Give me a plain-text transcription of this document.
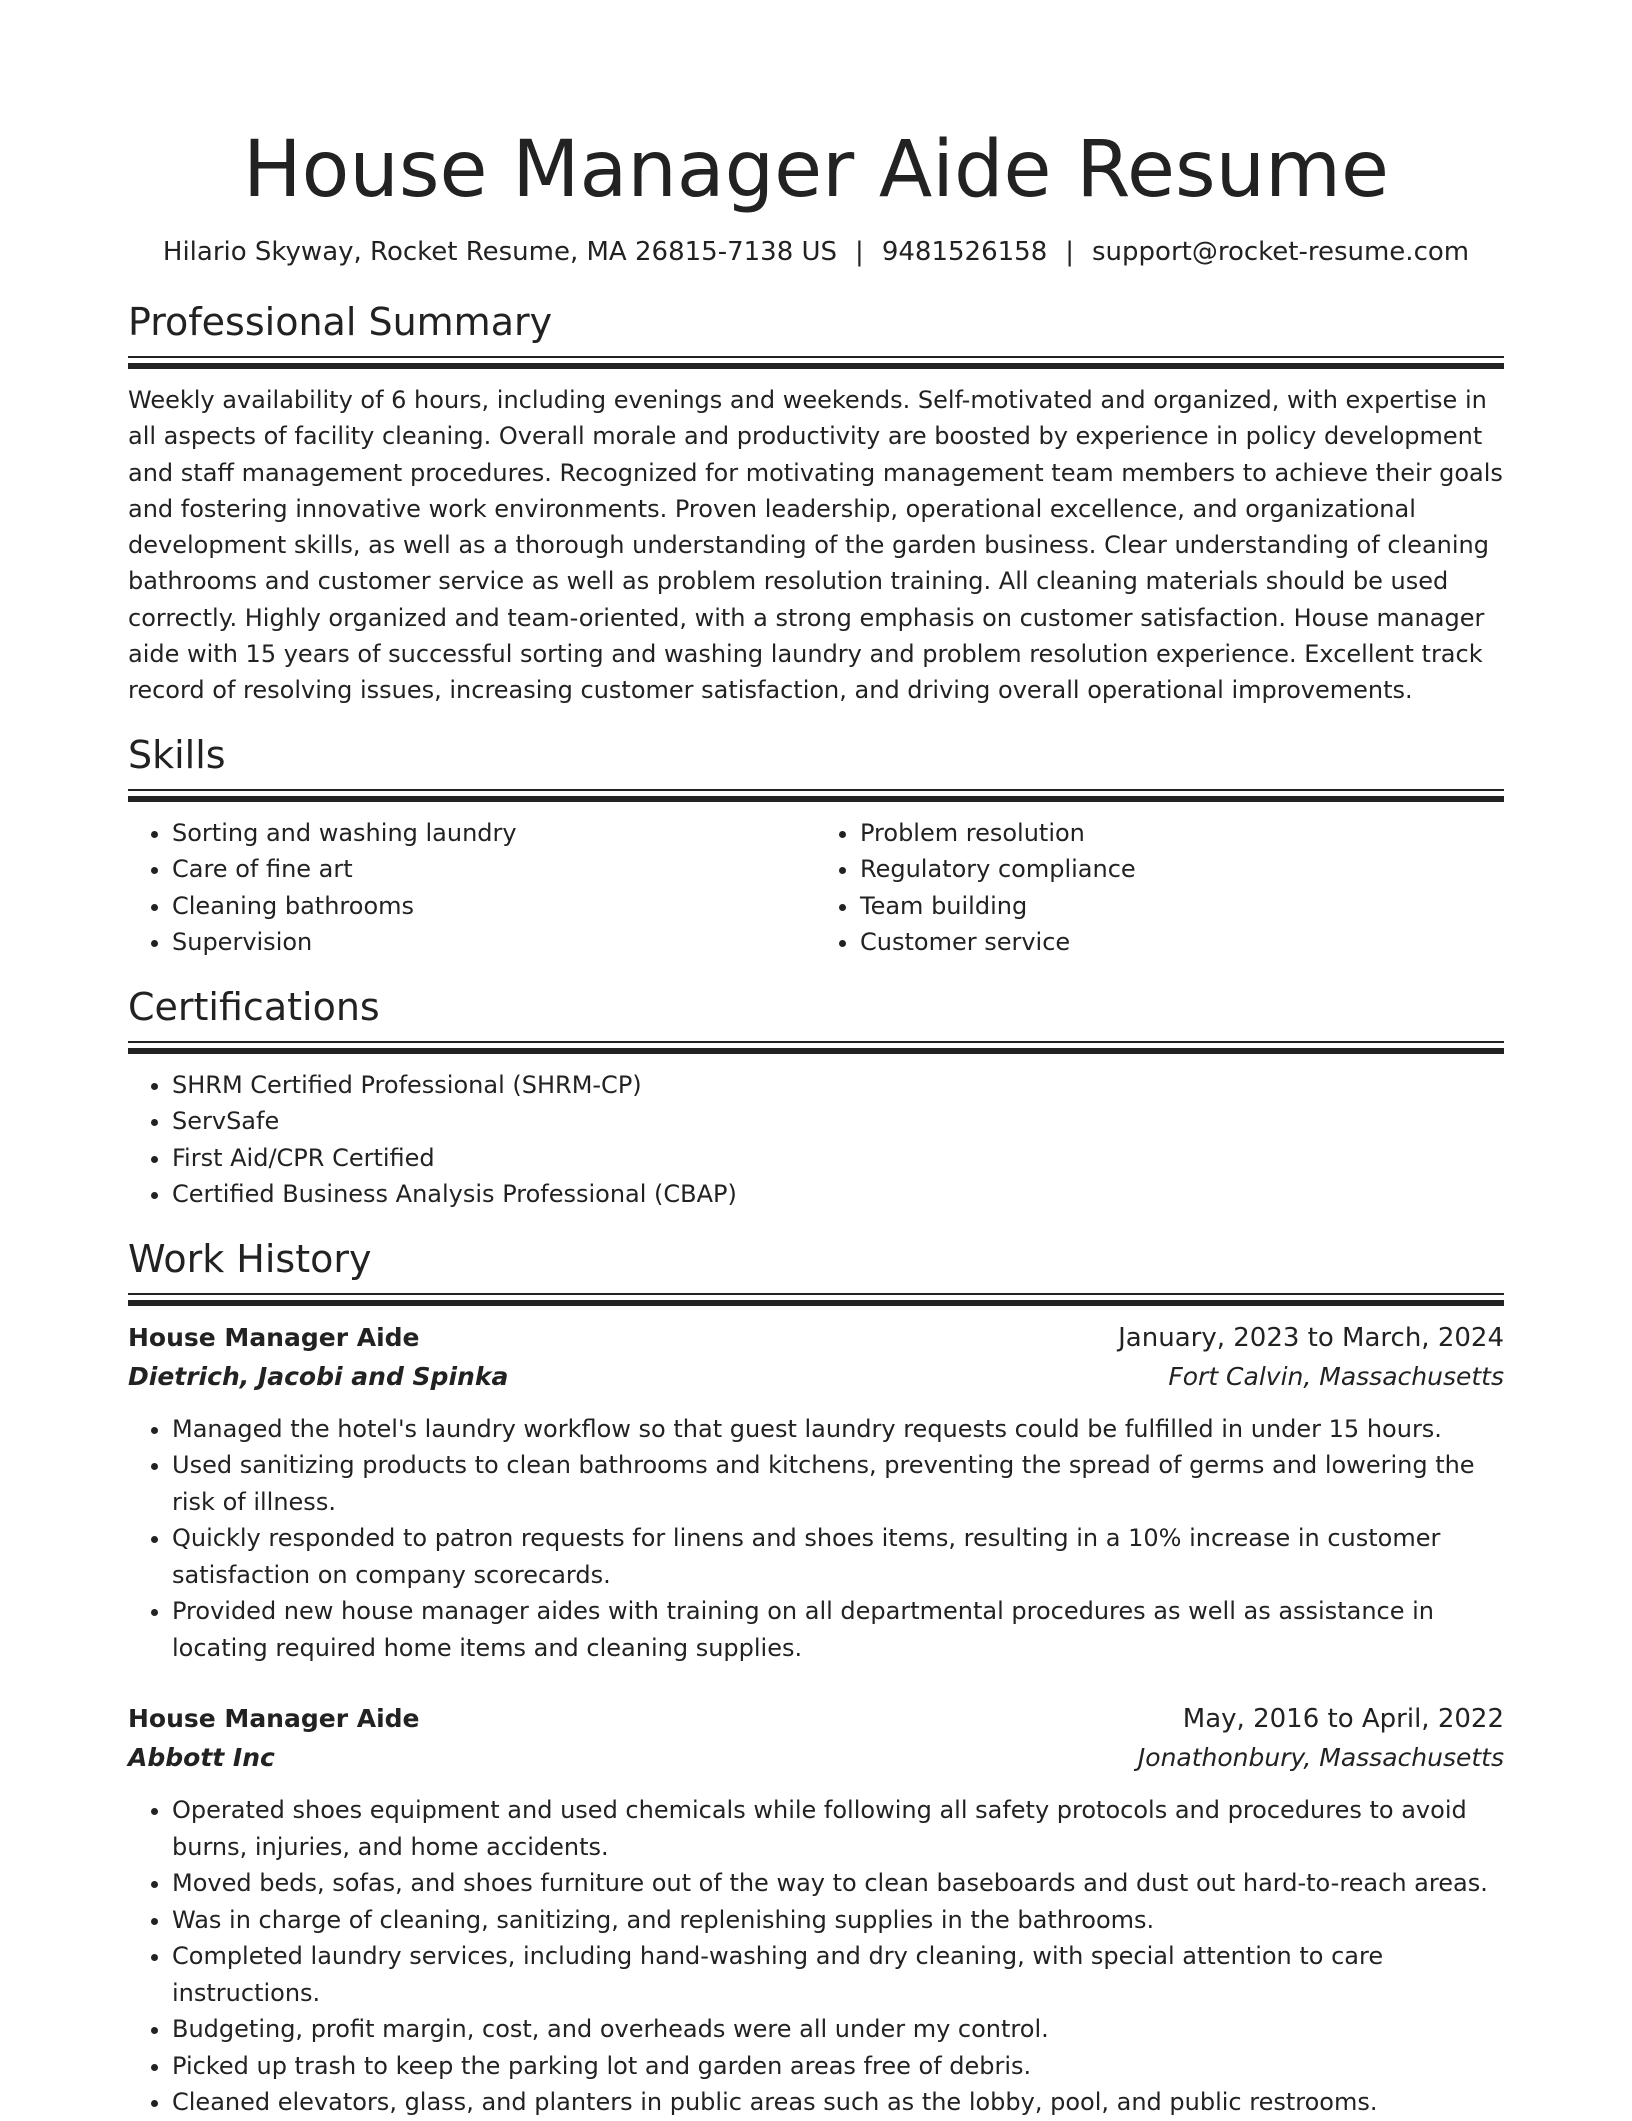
House Manager Aide Resume
Hilario Skyway, Rocket Resume, MA 26815-7138 US | 9481526158 | support@rocket-resume.com
Professional Summary
Weekly availability of 6 hours, including evenings and weekends. Self-motivated and organized, with expertise in all aspects of facility cleaning. Overall morale and productivity are boosted by experience in policy development and staff management procedures. Recognized for motivating management team members to achieve their goals and fostering innovative work environments. Proven leadership, operational excellence, and organizational development skills, as well as a thorough understanding of the garden business. Clear understanding of cleaning bathrooms and customer service as well as problem resolution training. All cleaning materials should be used correctly. Highly organized and team-oriented, with a strong emphasis on customer satisfaction. House manager aide with 15 years of successful sorting and washing laundry and problem resolution experience. Excellent track record of resolving issues, increasing customer satisfaction, and driving overall operational improvements.
Skills
• Sorting and washing laundry
• Care of fine art
• Cleaning bathrooms
• Supervision
• Problem resolution
• Regulatory compliance
• Team building
• Customer service
Certifications
• SHRM Certified Professional (SHRM-CP)
• ServSafe
• First Aid/CPR Certified
• Certified Business Analysis Professional (CBAP)
Work History
House Manager Aide	January, 2023 to March, 2024
Dietrich, Jacobi and Spinka	Fort Calvin, Massachusetts
• Managed the hotel's laundry workflow so that guest laundry requests could be fulfilled in under 15 hours.
• Used sanitizing products to clean bathrooms and kitchens, preventing the spread of germs and lowering the risk of illness.
• Quickly responded to patron requests for linens and shoes items, resulting in a 10% increase in customer satisfaction on company scorecards.
• Provided new house manager aides with training on all departmental procedures as well as assistance in locating required home items and cleaning supplies.
House Manager Aide	May, 2016 to April, 2022
Abbott Inc	Jonathonbury, Massachusetts
• Operated shoes equipment and used chemicals while following all safety protocols and procedures to avoid burns, injuries, and home accidents.
• Moved beds, sofas, and shoes furniture out of the way to clean baseboards and dust out hard-to-reach areas.
• Was in charge of cleaning, sanitizing, and replenishing supplies in the bathrooms.
• Completed laundry services, including hand-washing and dry cleaning, with special attention to care instructions.
• Budgeting, profit margin, cost, and overheads were all under my control.
• Picked up trash to keep the parking lot and garden areas free of debris.
• Cleaned elevators, glass, and planters in public areas such as the lobby, pool, and public restrooms.
